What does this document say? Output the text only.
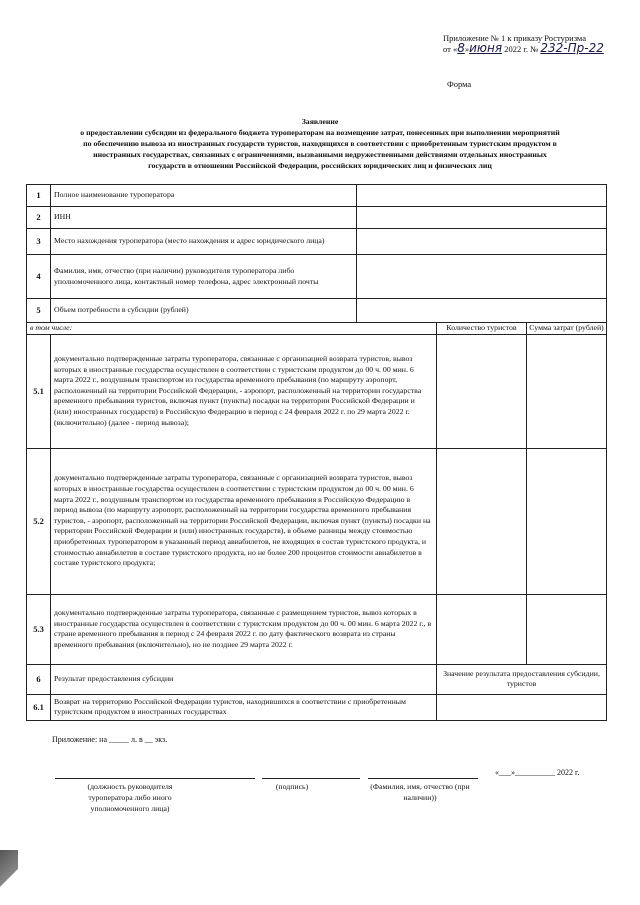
Приложение № 1 к приказу Ростуризма
от «8»июня 2022 г. № 232-Пр-22
Форма
Заявление
о предоставлении субсидии из федерального бюджета туроператорам на возмещение затрат, понесенных при выполнении мероприятий
по обеспечению вывоза из иностранных государств туристов, находящихся в соответствии с приобретенным туристским продуктом в
иностранных государствах, связанных с ограничениями, вызванными недружественными действиями отдельных иностранных
государств в отношении Российской Федерации, российских юридических лиц и физических лиц
1	Полное наименование туроператора			
2	ИНН			
3	Место нахождения туроператора (место нахождения и адрес юридического лица)			
4	Фамилия, имя, отчество (при наличии) руководителя туроператора либо уполномоченного лица, контактный номер телефона, адрес электронный почты			
5	Объем потребности в субсидии (рублей)			
в том числе:			Количество туристов	Сумма затрат (рублей)
5.1	документально подтвержденные затраты туроператора, связанные с организацией возврата туристов, вывоз которых в иностранные государства осуществлен в соответствии с туристским продуктом до 00 ч. 00 мин. 6 марта 2022 г., воздушным транспортом из государства временного пребывания (по маршруту аэропорт, расположенный на территории Российской Федерации, - аэропорт, расположенный на территории государства временного пребывания туристов, включая пункт (пункты) посадки на территории Российской Федерации и (или) иностранных государств) в Российскую Федерацию в период с 24 февраля 2022 г. по 29 марта 2022 г. (включительно) (далее - период вывоза);			
5.2	документально подтвержденные затраты туроператора, связанные с организацией возврата туристов, вывоз которых в иностранные государства осуществлен в соответствии с туристским продуктом до 00 ч. 00 мин. 6 марта 2022 г., воздушным транспортом из государства временного пребывания в Российскую Федерацию в период вывоза (по маршруту аэропорт, расположенный на территории государства временного пребывания туристов, - аэропорт, расположенный на территории Российской Федерации, включая пункт (пункты) посадки на территории Российской Федерации и (или) иностранных государств), в объеме разницы между стоимостью приобретенных туроператором в указанный период авиабилетов, не входящих в состав туристского продукта, и стоимостью авиабилетов в составе туристского продукта, но не более 200 процентов стоимости авиабилетов в составе туристского продукта;			
5.3	документально подтвержденные затраты туроператора, связанные с размещением туристов, вывоз которых в иностранные государства осуществлен в соответствии с туристским продуктом до 00 ч. 00 мин. 6 марта 2022 г., в стране временного пребывания в период с 24 февраля 2022 г. по дату фактического возврата из страны временного пребывания (включительно), но не позднее 29 марта 2022 г.			
6	Результат предоставления субсидии		Значение результата предоставления субсидии, туристов	
6.1	Возврат на территорию Российской Федерации туристов, находившихся в соответствии с приобретенным туристским продуктом в иностранных государствах			
Приложение: на _____ л. в __ экз.
«___»__________ 2022 г.
(должность руководителя туроператора либо иного уполномоченного лица)
(подпись)	(Фамилия, имя, отчество (при наличии))
